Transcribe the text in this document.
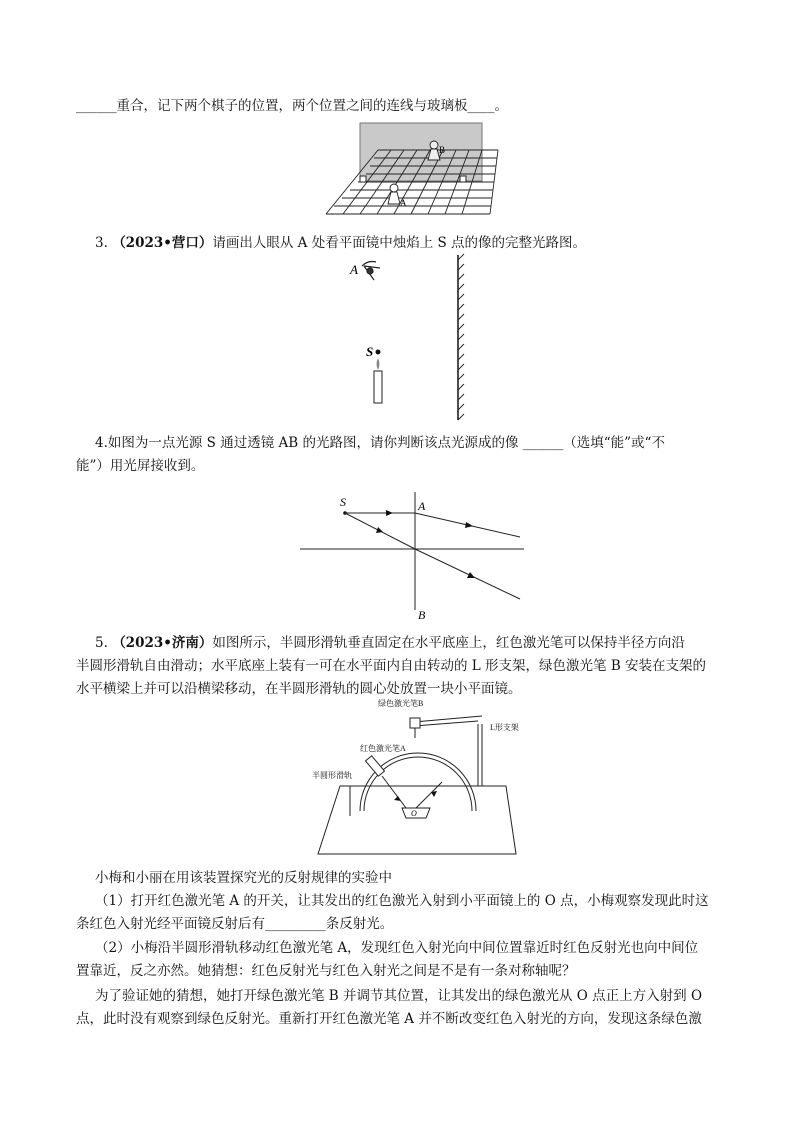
______重合，记下两个棋子的位置，两个位置之间的连线与玻璃板____。
B
A
3. （2023•营口）请画出人眼从 A 处看平面镜中烛焰上 S 点的像的完整光路图。
A
S
4.如图为一点光源 S 通过透镜 AB 的光路图，请你判断该点光源成的像 ______（选填“能”或“不
能”）用光屏接收到。
S	A
B
5. （2023•济南）如图所示，半圆形滑轨垂直固定在水平底座上，红色激光笔可以保持半径方向沿
半圆形滑轨自由滑动；水平底座上装有一可在水平面内自由转动的 L 形支架，绿色激光笔 B 安装在支架的
水平横梁上并可以沿横梁移动，在半圆形滑轨的圆心处放置一块小平面镜。
绿色激光笔B
L形支架
红色激光笔A
半圆形滑轨
O
小梅和小丽在用该装置探究光的反射规律的实验中
（1）打开红色激光笔 A 的开关，让其发出的红色激光入射到小平面镜上的 O 点，小梅观察发现此时这
条红色入射光经平面镜反射后有_________条反射光。
（2）小梅沿半圆形滑轨移动红色激光笔 A，发现红色入射光向中间位置靠近时红色反射光也向中间位
置靠近，反之亦然。她猜想：红色反射光与红色入射光之间是不是有一条对称轴呢？
为了验证她的猜想，她打开绿色激光笔 B 并调节其位置，让其发出的绿色激光从 O 点正上方入射到 O
点，此时没有观察到绿色反射光。重新打开红色激光笔 A 并不断改变红色入射光的方向，发现这条绿色激
